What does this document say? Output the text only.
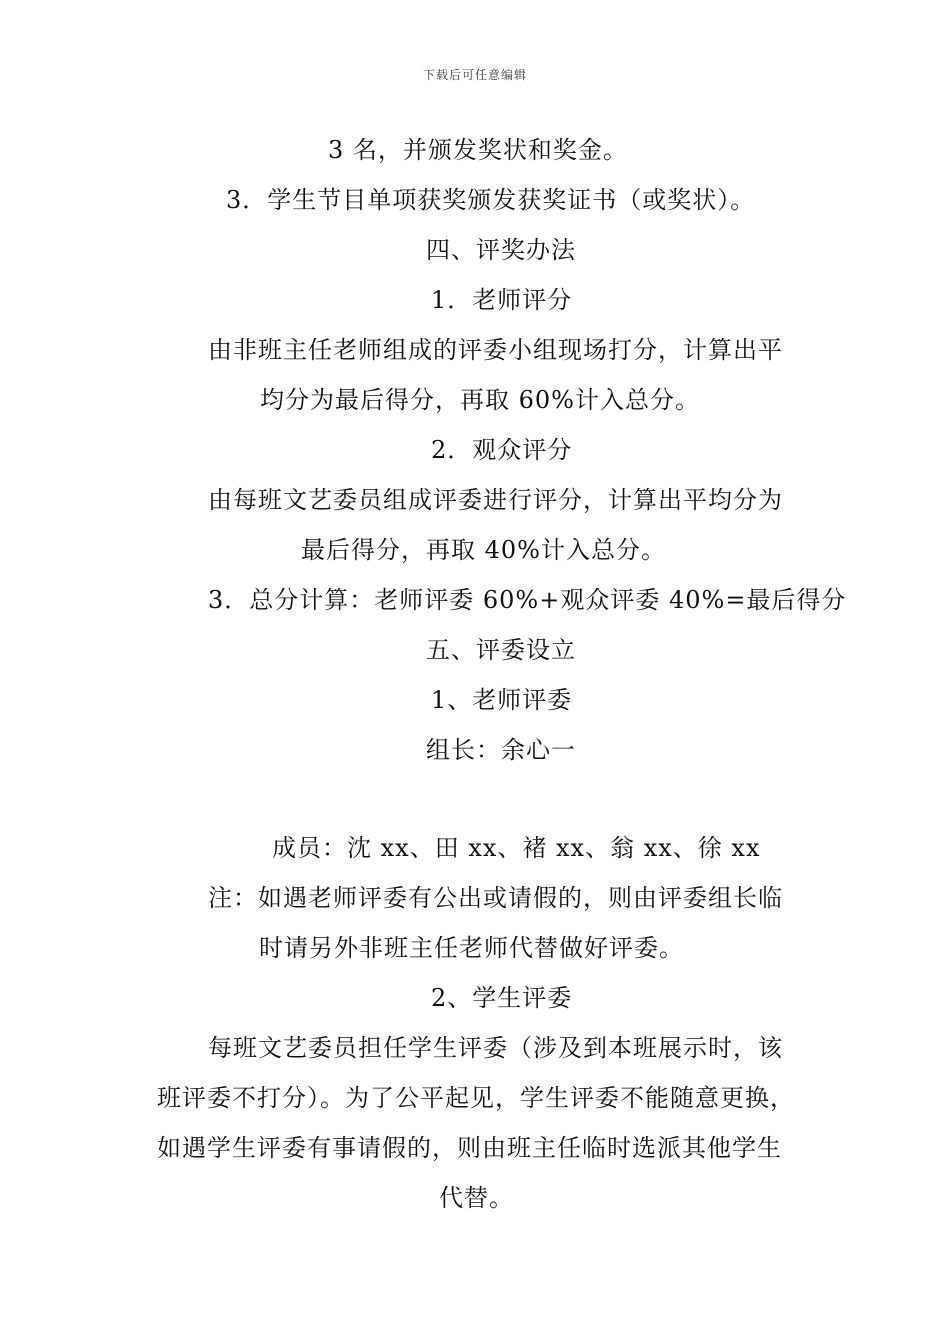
下载后可任意编辑
3 名，并颁发奖状和奖金。
3．学生节目单项获奖颁发获奖证书（或奖状）。
四、评奖办法
1．老师评分
由非班主任老师组成的评委小组现场打分，计算出平
均分为最后得分，再取 60%计入总分。
2．观众评分
由每班文艺委员组成评委进行评分，计算出平均分为
最后得分，再取 40%计入总分。
3．总分计算：老师评委 60%+观众评委 40%=最后得分
五、评委设立
1、老师评委
组长：余心一
成员：沈 xx、田 xx、褚 xx、翁 xx、徐 xx
注：如遇老师评委有公出或请假的，则由评委组长临
时请另外非班主任老师代替做好评委。
2、学生评委
每班文艺委员担任学生评委（涉及到本班展示时，该
班评委不打分）。为了公平起见，学生评委不能随意更换，
如遇学生评委有事请假的，则由班主任临时选派其他学生
代替。
